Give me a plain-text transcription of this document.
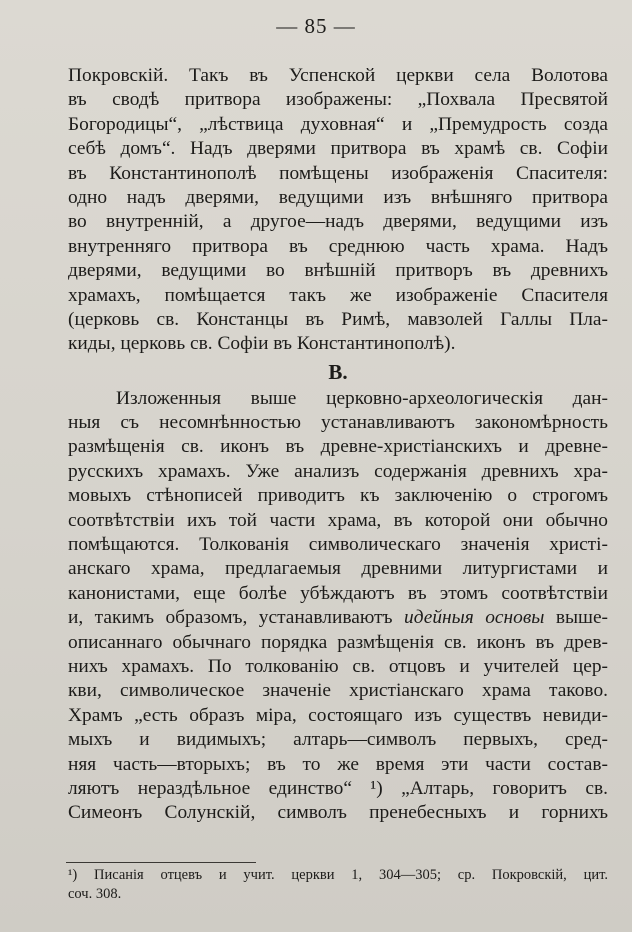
— 85 —
Покровскій. Такъ въ Успенской церкви села Волотова
въ сводѣ притвора изображены: „Похвала Пресвятой
Богородицы“, „лѣствица духовная“ и „Премудрость созда
себѣ домъ“. Надъ дверями притвора въ храмѣ св. Софіи
въ Константинополѣ помѣщены изображенія Спасителя:
одно надъ дверями, ведущими изъ внѣшняго притвора
во внутренній, а другое—надъ дверями, ведущими изъ
внутренняго притвора въ среднюю часть храма. Надъ
дверями, ведущими во внѣшній притворъ въ древнихъ
храмахъ, помѣщается такъ же изображеніе Спасителя
(церковь св. Констанцы въ Римѣ, мавзолей Галлы Пла-
киды, церковь св. Софіи въ Константинополѣ).
В.
Изложенныя выше церковно-археологическія дан-
ныя съ несомнѣнностью устанавливаютъ закономѣрность
размѣщенія св. иконъ въ древне-христіанскихъ и древне-
русскихъ храмахъ. Уже анализъ содержанія древнихъ хра-
мовыхъ стѣнописей приводитъ къ заключенію о строгомъ
соотвѣтствіи ихъ той части храма, въ которой они обычно
помѣщаются. Толкованія символическаго значенія христі-
анскаго храма, предлагаемыя древними литургистами и
канонистами, еще болѣе убѣждаютъ въ этомъ соотвѣтствіи
и, такимъ образомъ, устанавливаютъ идейныя основы выше-
описаннаго обычнаго порядка размѣщенія св. иконъ въ древ-
нихъ храмахъ. По толкованію св. отцовъ и учителей цер-
кви, символическое значеніе христіанскаго храма таково.
Храмъ „есть образъ міра, состоящаго изъ существъ невиди-
мыхъ и видимыхъ; алтарь—символъ первыхъ, сред-
няя часть—вторыхъ; въ то же время эти части состав-
ляютъ нераздѣльное единство“ ¹) „Алтарь, говоритъ св.
Симеонъ Солунскій, символъ пренебесныхъ и горнихъ
¹) Писанія отцевъ и учит. церкви 1, 304—305; ср. Покровскій, цит.
соч. 308.
